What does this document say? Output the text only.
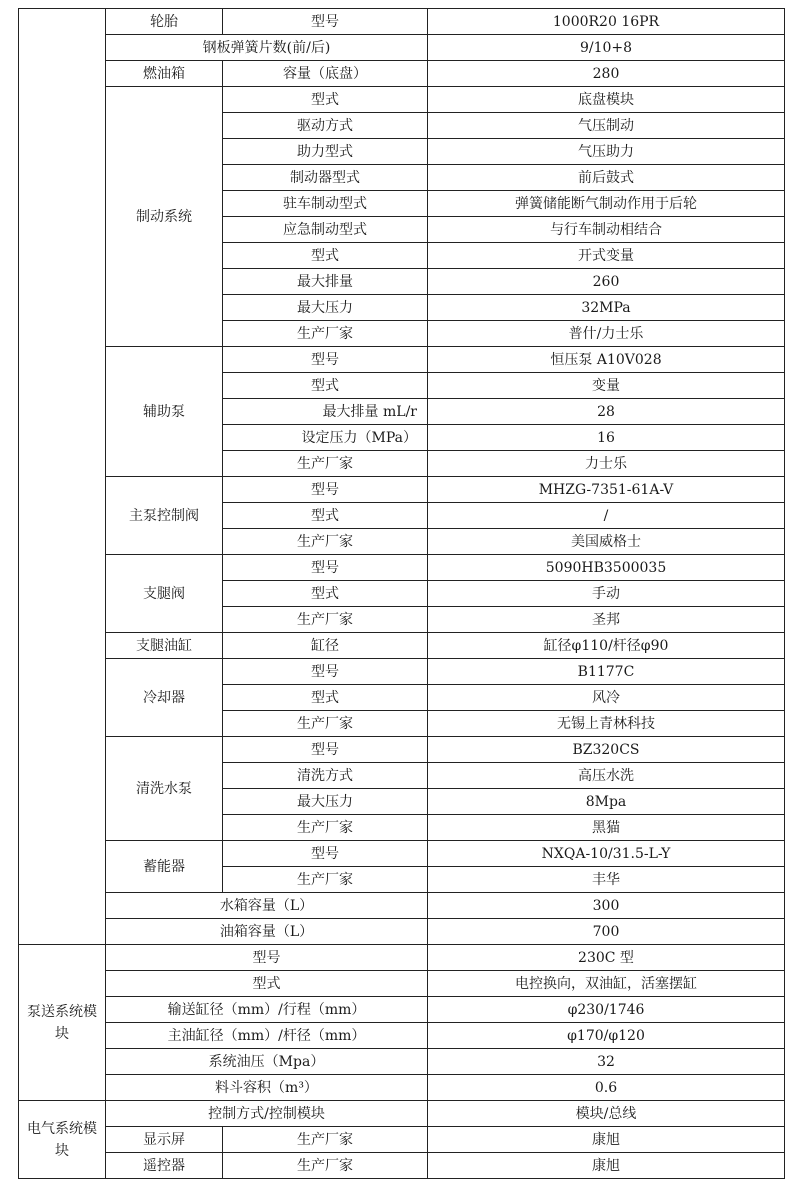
	轮胎	型号	1000R20 16PR
	钢板弹簧片数(前/后)		9/10+8
	燃油箱	容量（底盘）	280
	制动系统	型式	底盘模块
		驱动方式	气压制动
		助力型式	气压助力
		制动器型式	前后鼓式
		驻车制动型式	弹簧储能断气制动作用于后轮
		应急制动型式	与行车制动相结合
		型式	开式变量
		最大排量	260
		最大压力	32MPa
		生产厂家	普什/力士乐
	辅助泵	型号	恒压泵 A10V028
		型式	变量
		最大排量 mL/r	28
		设定压力（MPa）	16
		生产厂家	力士乐
	主泵控制阀	型号	MHZG-7351-61A-V
		型式	/
		生产厂家	美国威格士
	支腿阀	型号	5090HB3500035
		型式	手动
		生产厂家	圣邦
	支腿油缸	缸径	缸径φ110/杆径φ90
	冷却器	型号	B1177C
		型式	风冷
		生产厂家	无锡上青林科技
	清洗水泵	型号	BZ320CS
		清洗方式	高压水洗
		最大压力	8Mpa
		生产厂家	黑猫
	蓄能器	型号	NXQA-10/31.5-L-Y
		生产厂家	丰华
	水箱容量（L）		300
	油箱容量（L）		700
泵送系统模块	型号		230C 型
	型式		电控换向，双油缸，活塞摆缸
	输送缸径（mm）/行程（mm）		φ230/1746
	主油缸径（mm）/杆径（mm）		φ170/φ120
	系统油压（Mpa）		32
	料斗容积（m³）		0.6
电气系统模块	控制方式/控制模块		模块/总线
	显示屏	生产厂家	康旭
	遥控器	生产厂家	康旭
